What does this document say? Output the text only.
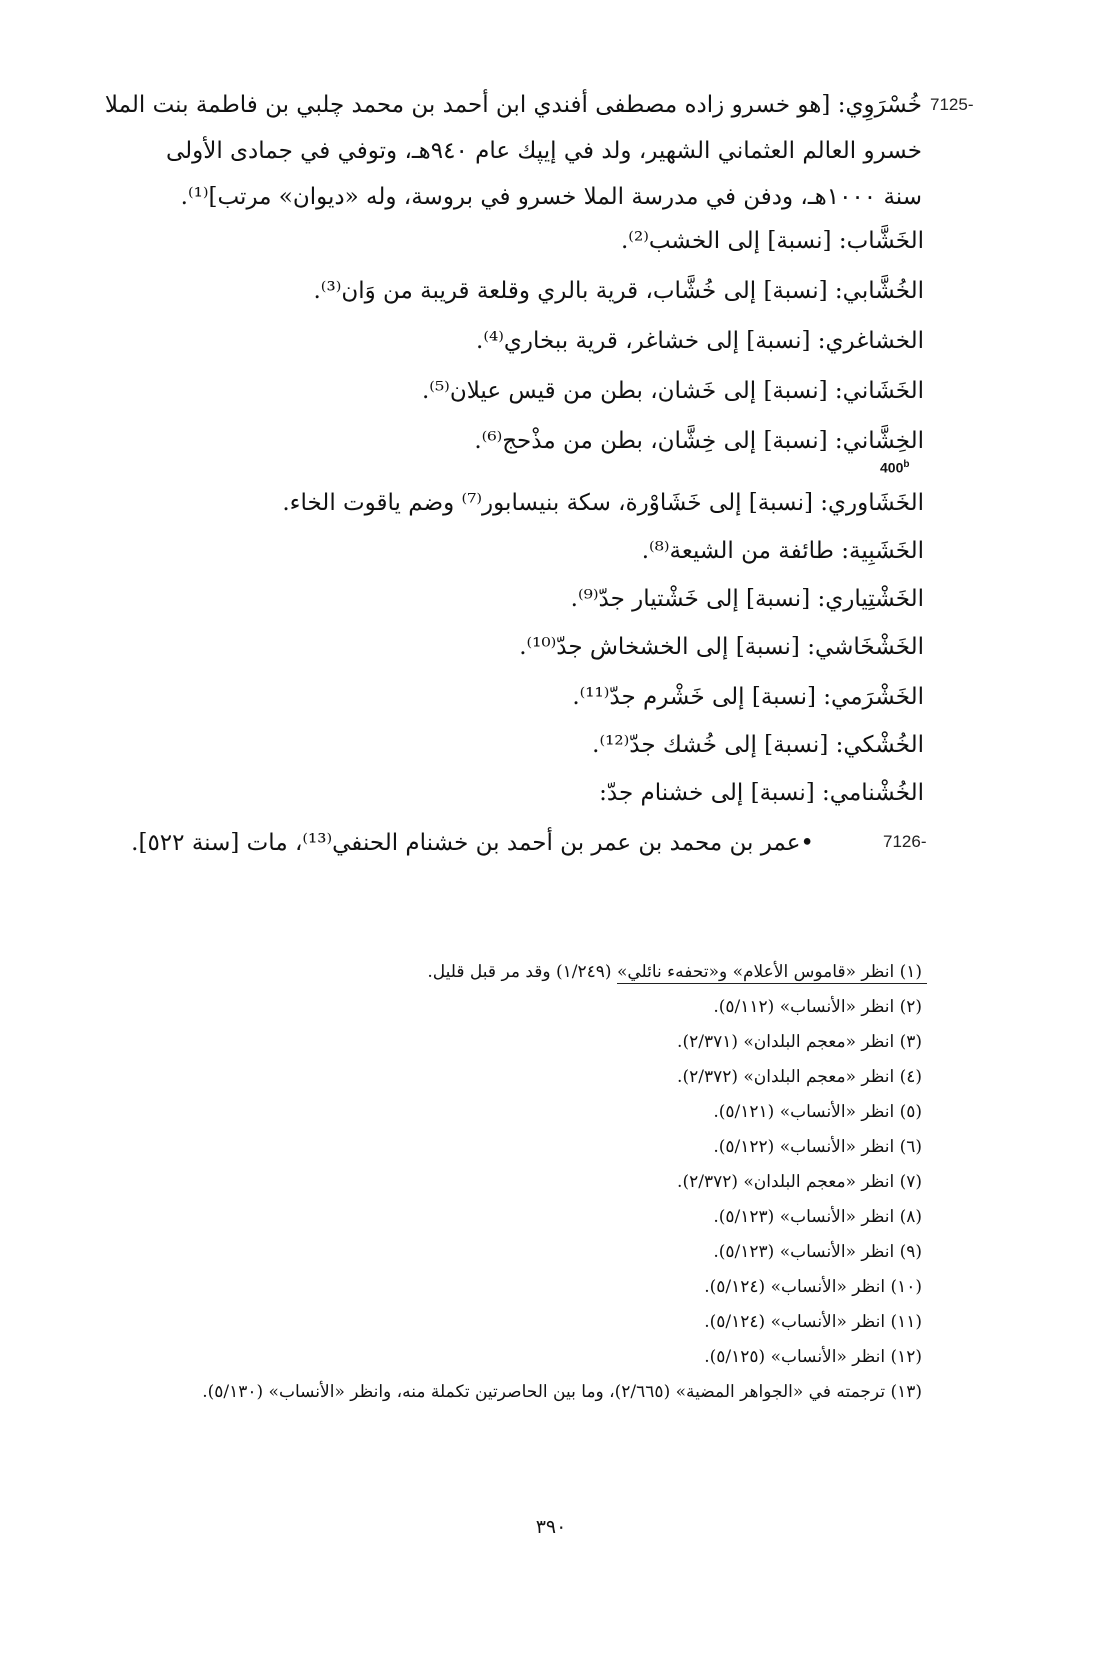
7125-
خُسْرَوِي: [هو خسرو زاده مصطفى أفندي ابن أحمد بن محمد چلبي بن فاطمة بنت الملا
خسرو العالم العثماني الشهير، ولد في إيپك عام ٩٤٠هـ، وتوفي في جمادى الأولى
سنة ١٠٠٠هـ، ودفن في مدرسة الملا خسرو في بروسة، وله «ديوان» مرتب]⁽¹⁾.
الخَشَّاب: [نسبة] إلى الخشب⁽²⁾.
الخُشَّابي: [نسبة] إلى خُشَّاب، قرية بالري وقلعة قريبة من وَان⁽³⁾.
الخشاغري: [نسبة] إلى خشاغر، قرية ببخاري⁽⁴⁾.
الخَشَاني: [نسبة] إلى خَشان، بطن من قيس عيلان⁽⁵⁾.
الخِشَّاني: [نسبة] إلى خِشَّان، بطن من مذْحج⁽⁶⁾.
400$^b$
الخَشَاوري: [نسبة] إلى خَشَاوْرة، سكة بنيسابور⁽⁷⁾ وضم ياقوت الخاء.
الخَشَبِية: طائفة من الشيعة⁽⁸⁾.
الخَشْتِياري: [نسبة] إلى خَشْتيار جدّ⁽⁹⁾.
الخَشْخَاشي: [نسبة] إلى الخشخاش جدّ⁽¹⁰⁾.
الخَشْرَمي: [نسبة] إلى خَشْرم جدّ⁽¹¹⁾.
الخُشْكي: [نسبة] إلى خُشك جدّ⁽¹²⁾.
الخُشْنامي: [نسبة] إلى خشنام جدّ:
7126-
•عمر بن محمد بن عمر بن أحمد بن خشنام الحنفي⁽¹³⁾، مات [سنة ٥٢٢].
(١) انظر «قاموس الأعلام» و«تحفهء نائلي» (١/٢٤٩) وقد مر قبل قليل.
(٢) انظر «الأنساب» (٥/١١٢).
(٣) انظر «معجم البلدان» (٢/٣٧١).
(٤) انظر «معجم البلدان» (٢/٣٧٢).
(٥) انظر «الأنساب» (٥/١٢١).
(٦) انظر «الأنساب» (٥/١٢٢).
(٧) انظر «معجم البلدان» (٢/٣٧٢).
(٨) انظر «الأنساب» (٥/١٢٣).
(٩) انظر «الأنساب» (٥/١٢٣).
(١٠) انظر «الأنساب» (٥/١٢٤).
(١١) انظر «الأنساب» (٥/١٢٤).
(١٢) انظر «الأنساب» (٥/١٢٥).
(١٣) ترجمته في «الجواهر المضية» (٢/٦٦٥)، وما بين الحاصرتين تكملة منه، وانظر «الأنساب» (٥/١٣٠).
٣٩٠
